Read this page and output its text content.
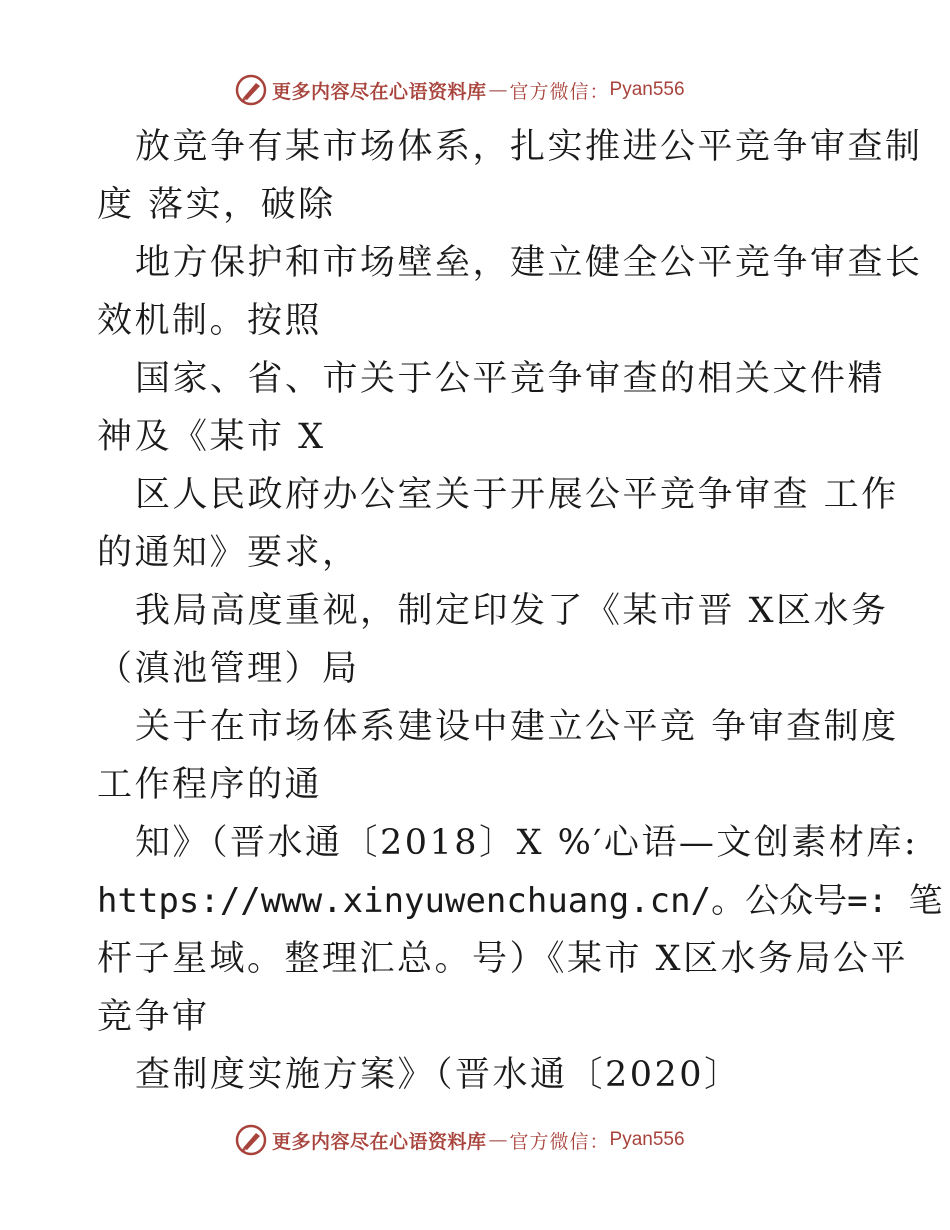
更多内容尽在心语资料库 — 官方微信： Pyan556
放竞争有某市场体系，扎实推进公平竞争审查制
度 落实，破除
地方保护和市场壁垒，建立健全公平竞争审查长
效机制。按照
国家、省、市关于公平竞争审查的相关文件精
神及《某市 X
区人民政府办公室关于开展公平竞争审查 工作
的通知》要求，
我局高度重视，制定印发了《某市晋 X区水务
（滇池管理）局
关于在市场体系建设中建立公平竞 争审查制度
工作程序的通
知》（晋水通〔2018〕X %′心语—文创素材库:
https://www.xinyuwenchuang.cn/。公众号=: 笔
杆子星域。整理汇总。号）《某市 X区水务局公平
竞争审
查制度实施方案》（晋水通〔2020〕
更多内容尽在心语资料库 — 官方微信： Pyan556
